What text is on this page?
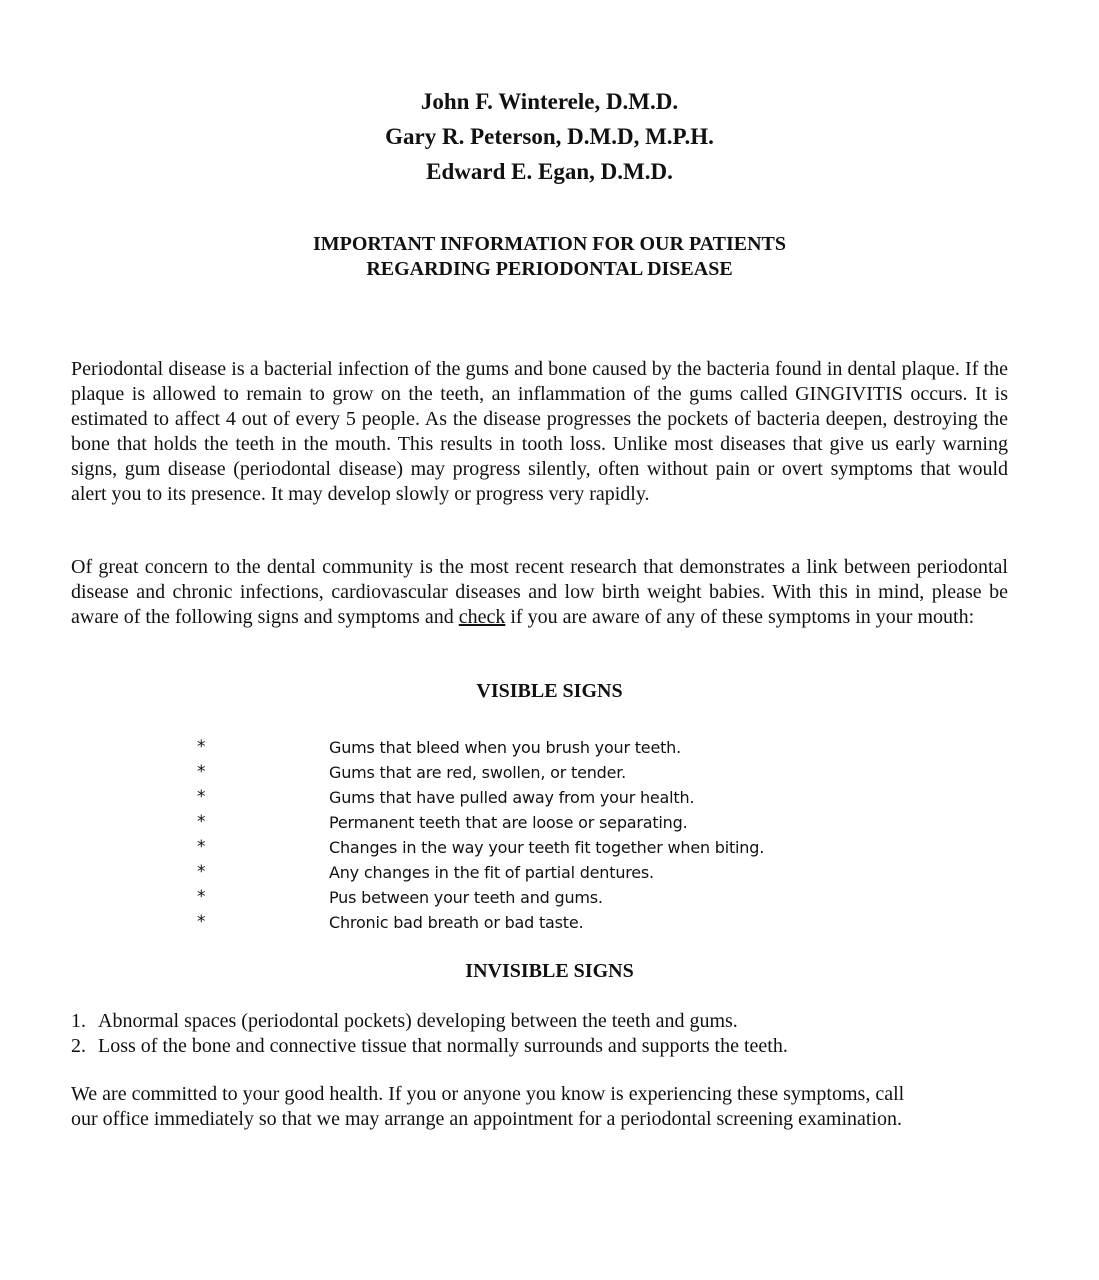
John F. Winterele, D.M.D.
Gary R. Peterson, D.M.D, M.P.H.
Edward E. Egan, D.M.D.
IMPORTANT INFORMATION FOR OUR PATIENTS
REGARDING PERIODONTAL DISEASE

Periodontal disease is a bacterial infection of the gums and bone caused by the bacteria found in dental plaque. If the plaque is allowed to remain to grow on the teeth, an inflammation of the gums called GINGIVITIS occurs. It is estimated to affect 4 out of every 5 people. As the disease progresses the pockets of bacteria deepen, destroying the bone that holds the teeth in the mouth. This results in tooth loss. Unlike most diseases that give us early warning signs, gum disease (periodontal disease) may progress silently, often without pain or overt symptoms that would alert you to its presence. It may develop slowly or progress very rapidly.

Of great concern to the dental community is the most recent research that demonstrates a link between periodontal disease and chronic infections, cardiovascular diseases and low birth weight babies. With this in mind, please be aware of the following signs and symptoms and check if you are aware of any of these symptoms in your mouth:

VISIBLE SIGNS
*	Gums that bleed when you brush your teeth.
*	Gums that are red, swollen, or tender.
*	Gums that have pulled away from your health.
*	Permanent teeth that are loose or separating.
*	Changes in the way your teeth fit together when biting.
*	Any changes in the fit of partial dentures.
*	Pus between your teeth and gums.
*	Chronic bad breath or bad taste.
INVISIBLE SIGNS
1. Abnormal spaces (periodontal pockets) developing between the teeth and gums.
2. Loss of the bone and connective tissue that normally surrounds and supports the teeth.
We are committed to your good health. If you or anyone you know is experiencing these symptoms, call
our office immediately so that we may arrange an appointment for a periodontal screening examination.
